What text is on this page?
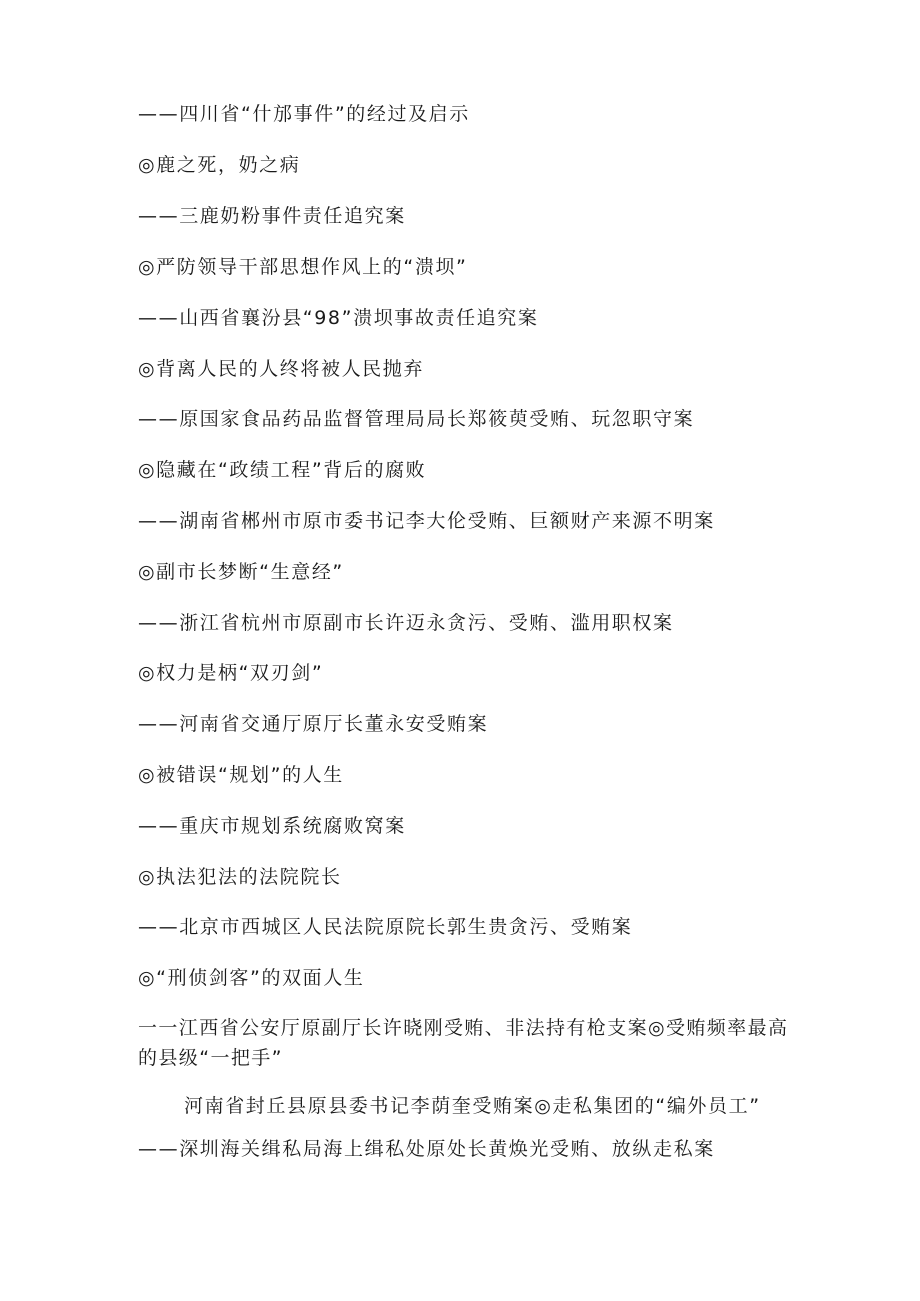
——四川省“什邡事件”的经过及启示
◎鹿之死，奶之病
——三鹿奶粉事件责任追究案
◎严防领导干部思想作风上的“溃坝”
——山西省襄汾县“98”溃坝事故责任追究案
◎背离人民的人终将被人民抛弃
——原国家食品药品监督管理局局长郑筱萸受贿、玩忽职守案
◎隐藏在“政绩工程”背后的腐败
——湖南省郴州市原市委书记李大伦受贿、巨额财产来源不明案
◎副市长梦断“生意经”
——浙江省杭州市原副市长许迈永贪污、受贿、滥用职权案
◎权力是柄“双刃剑”
——河南省交通厅原厅长董永安受贿案
◎被错误“规划”的人生
——重庆市规划系统腐败窝案
◎执法犯法的法院院长
——北京市西城区人民法院原院长郭生贵贪污、受贿案
◎“刑侦剑客”的双面人生
一一江西省公安厅原副厅长许晓刚受贿、非法持有枪支案◎受贿频率最高的县级“一把手”
河南省封丘县原县委书记李荫奎受贿案◎走私集团的“编外员工”
——深圳海关缉私局海上缉私处原处长黄焕光受贿、放纵走私案
